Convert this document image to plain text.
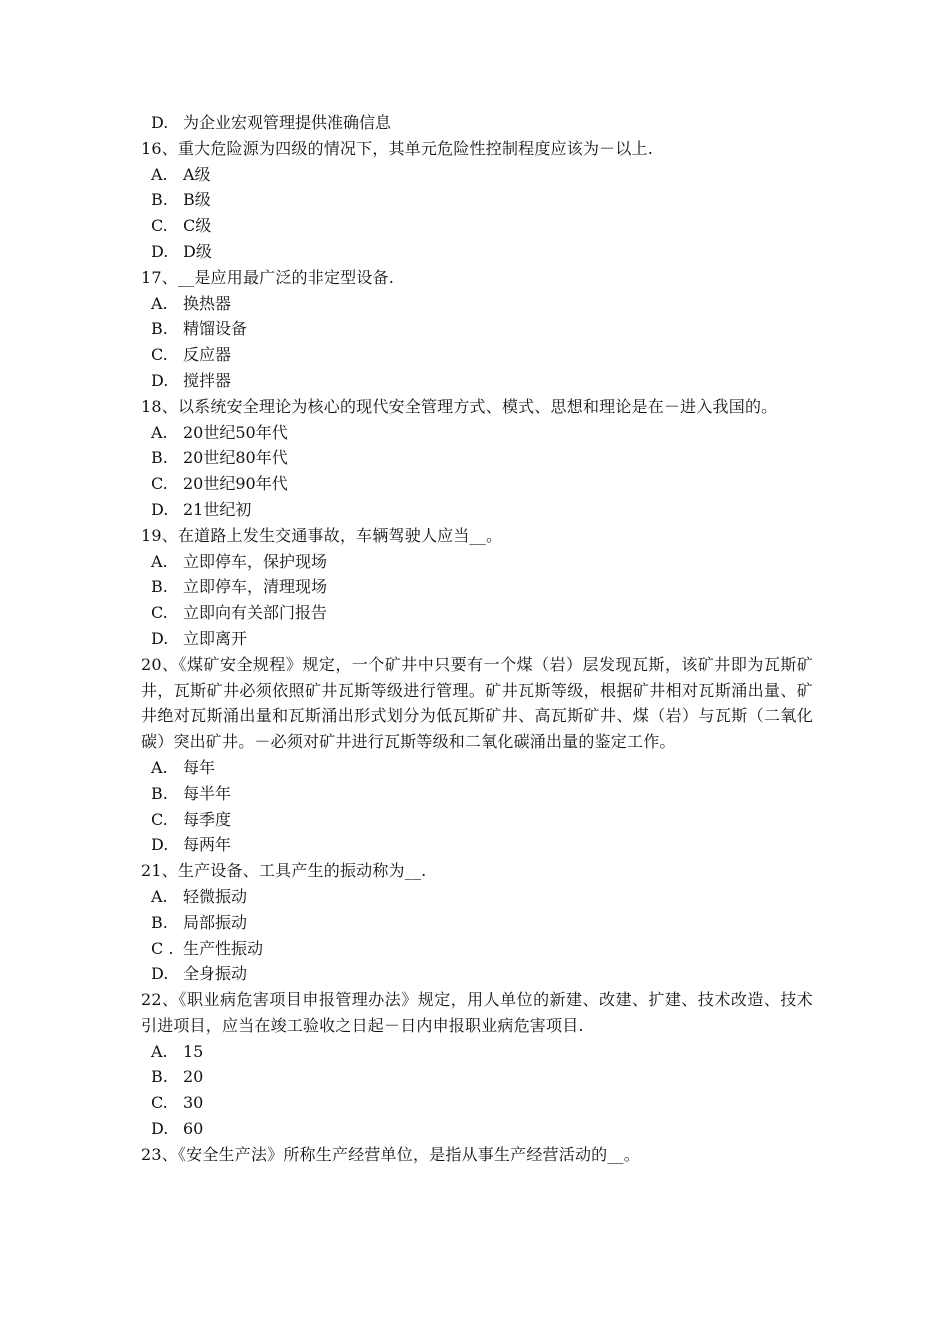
D. 为企业宏观管理提供准确信息

16、重大危险源为四级的情况下，其单元危险性控制程度应该为－以上.

A. A级

B. B级

C. C级

D. D级

17、__是应用最广泛的非定型设备.

A. 换热器

B. 精馏设备

C. 反应器

D. 搅拌器

18、以系统安全理论为核心的现代安全管理方式、模式、思想和理论是在－进入我国的。

A. 20世纪50年代

B. 20世纪80年代

C. 20世纪90年代

D. 21世纪初

19、在道路上发生交通事故，车辆驾驶人应当__。

A. 立即停车，保护现场

B. 立即停车，清理现场

C. 立即向有关部门报告

D. 立即离开

20、《煤矿安全规程》规定，一个矿井中只要有一个煤（岩）层发现瓦斯，该矿井即为瓦斯矿井，瓦斯矿井必须依照矿井瓦斯等级进行管理。矿井瓦斯等级，根据矿井相对瓦斯涌出量、矿井绝对瓦斯涌出量和瓦斯涌出形式划分为低瓦斯矿井、高瓦斯矿井、煤（岩）与瓦斯（二氧化碳）突出矿井。－必须对矿井进行瓦斯等级和二氧化碳涌出量的鉴定工作。

A. 每年

B. 每半年

C. 每季度

D. 每两年

21、生产设备、工具产生的振动称为__.

A. 轻微振动

B. 局部振动

C . 生产性振动

D. 全身振动

22、《职业病危害项目申报管理办法》规定，用人单位的新建、改建、扩建、技术改造、技术引进项目，应当在竣工验收之日起－日内申报职业病危害项目.

A. 15

B. 20

C. 30

D. 60

23、《安全生产法》所称生产经营单位，是指从事生产经营活动的__。
